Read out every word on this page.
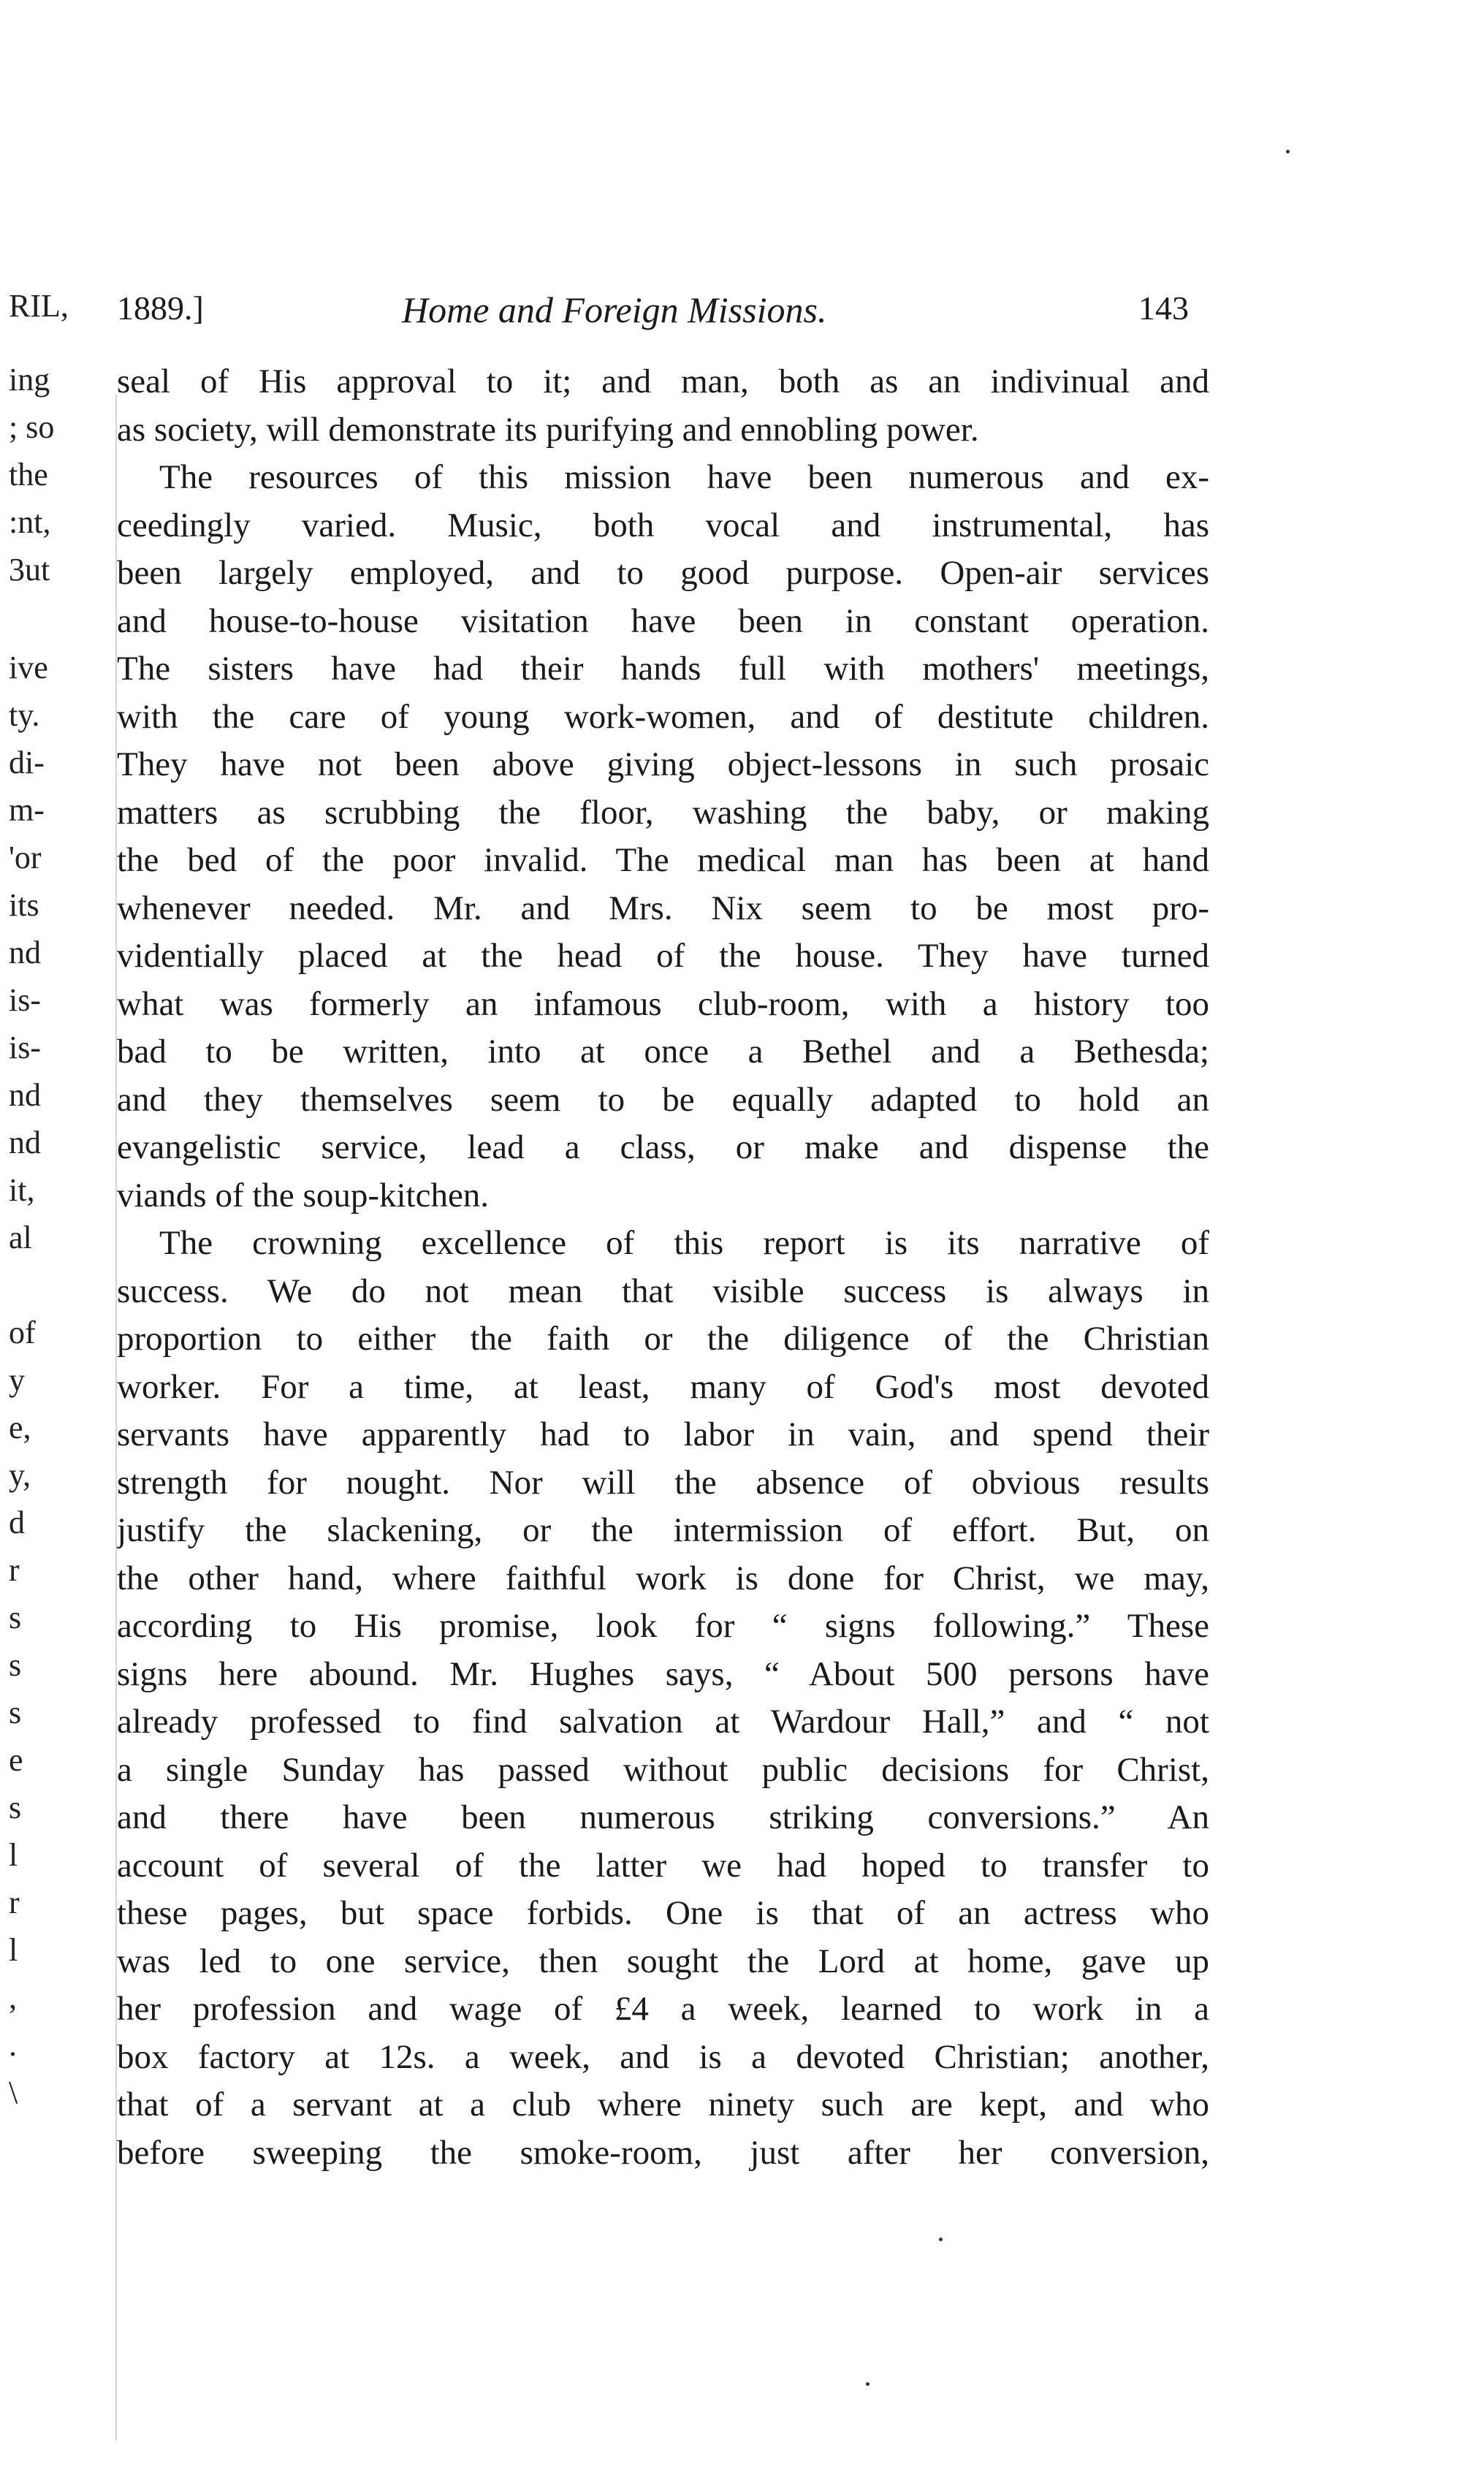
RIL,
ing
; so
the
:nt,
3ut
ive
ty.
di-
m-
'or
its
nd
is-
is-
nd
nd
it,
al
of
y
e,
y,
d
r
s
s
s
e
s
l
r
l
,
.
\
1889.]	Home and Foreign Missions.	143
seal of His approval to it; and man, both as an indivinual and
as society, will demonstrate its purifying and ennobling power.
The resources of this mission have been numerous and ex-
ceedingly varied. Music, both vocal and instrumental, has
been largely employed, and to good purpose. Open-air services
and house-to-house visitation have been in constant operation.
The sisters have had their hands full with mothers' meetings,
with the care of young work-women, and of destitute children.
They have not been above giving object-lessons in such prosaic
matters as scrubbing the floor, washing the baby, or making
the bed of the poor invalid. The medical man has been at hand
whenever needed. Mr. and Mrs. Nix seem to be most pro-
videntially placed at the head of the house. They have turned
what was formerly an infamous club-room, with a history too
bad to be written, into at once a Bethel and a Bethesda;
and they themselves seem to be equally adapted to hold an
evangelistic service, lead a class, or make and dispense the
viands of the soup-kitchen.
The crowning excellence of this report is its narrative of
success. We do not mean that visible success is always in
proportion to either the faith or the diligence of the Christian
worker. For a time, at least, many of God's most devoted
servants have apparently had to labor in vain, and spend their
strength for nought. Nor will the absence of obvious results
justify the slackening, or the intermission of effort. But, on
the other hand, where faithful work is done for Christ, we may,
according to His promise, look for “ signs following.” These
signs here abound. Mr. Hughes says, “ About 500 persons have
already professed to find salvation at Wardour Hall,” and “ not
a single Sunday has passed without public decisions for Christ,
and there have been numerous striking conversions.” An
account of several of the latter we had hoped to transfer to
these pages, but space forbids. One is that of an actress who
was led to one service, then sought the Lord at home, gave up
her profession and wage of £4 a week, learned to work in a
box factory at 12s. a week, and is a devoted Christian; another,
that of a servant at a club where ninety such are kept, and who
before sweeping the smoke-room, just after her conversion,
